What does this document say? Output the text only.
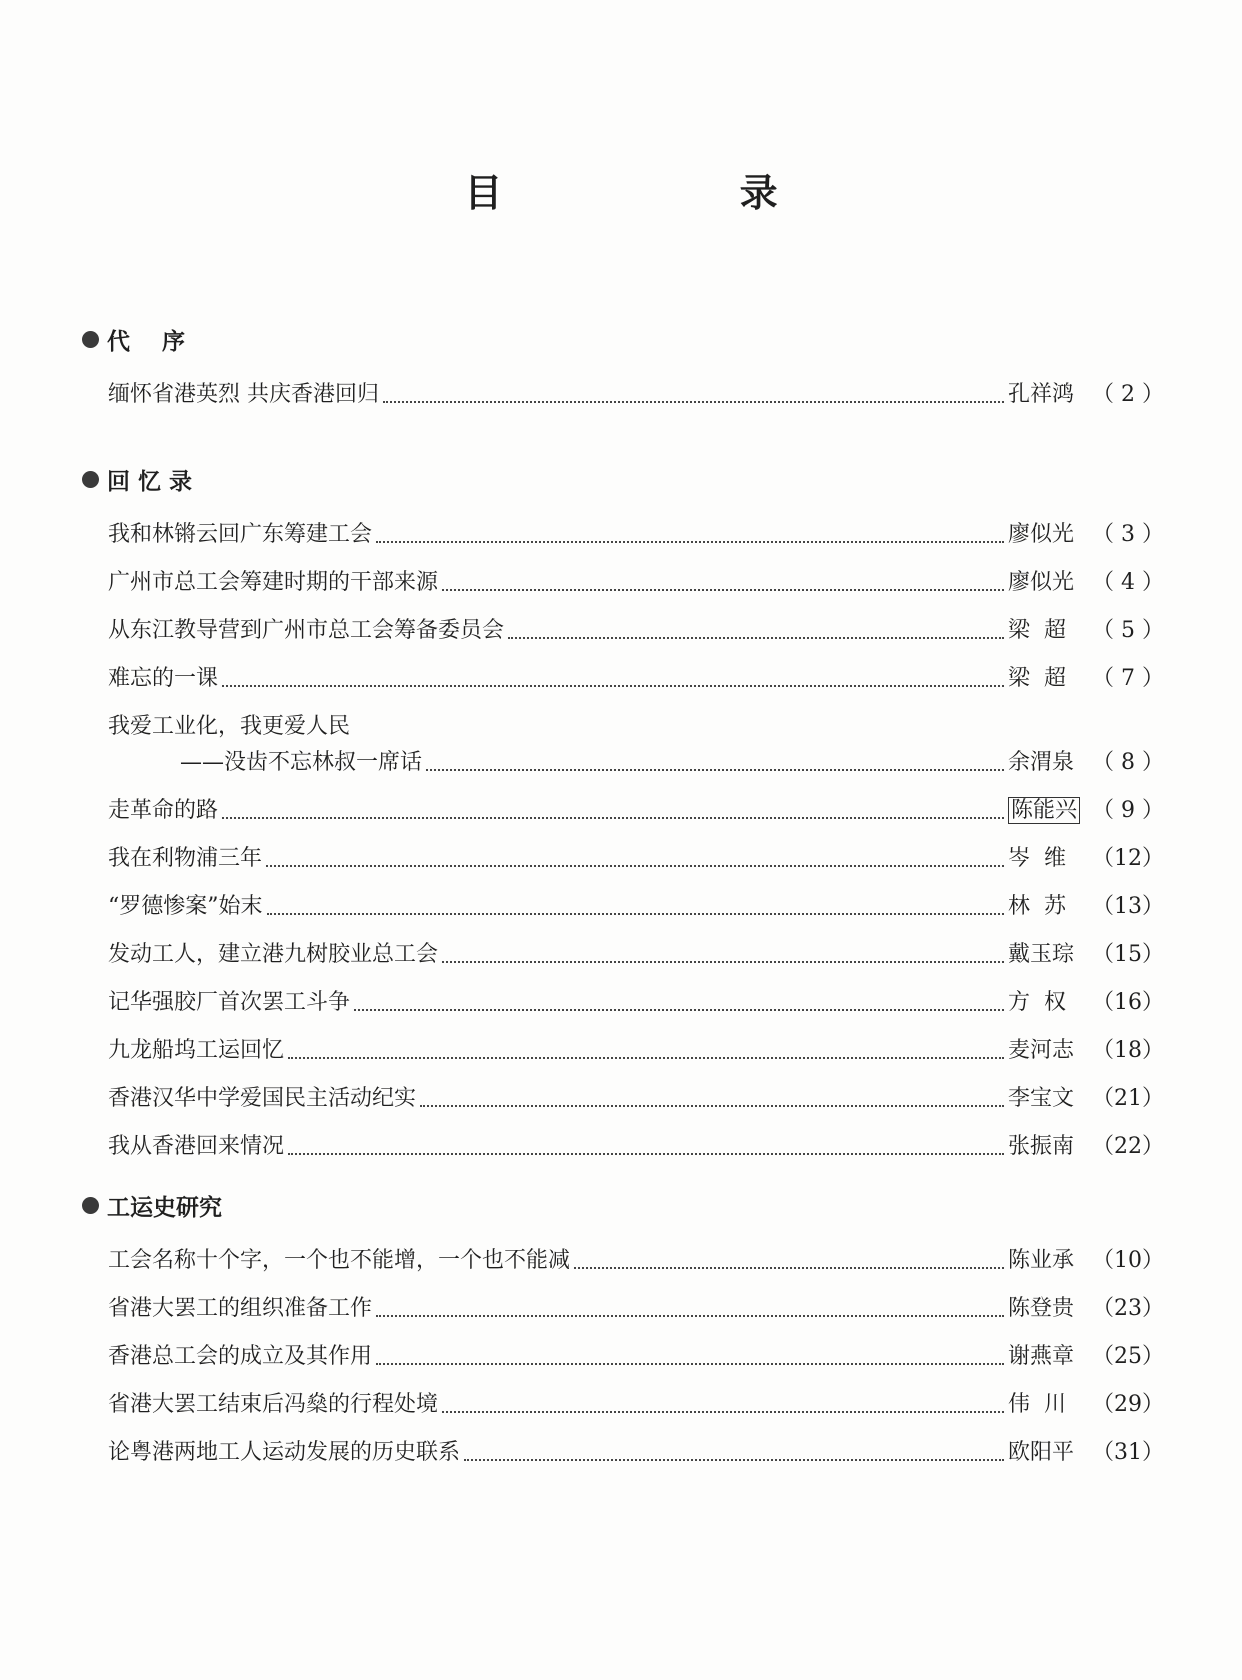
目 录
代    序
缅怀省港英烈 共庆香港回归	孔祥鸿 （ 2 ）
回 忆 录
我和林锵云回广东筹建工会	廖似光 （ 3 ）
广州市总工会筹建时期的干部来源	廖似光 （ 4 ）
从东江教导营到广州市总工会筹备委员会	梁  超	（ 5 ）
难忘的一课	梁  超	（ 7 ）
我爱工业化，我更爱人民
——没齿不忘林叔一席话	余渭泉 （ 8 ）
走革命的路	陈能兴 （ 9 ）
我在利物浦三年	岑  维	（12）
“罗德惨案”始末	林  苏	（13）
发动工人，建立港九树胶业总工会	戴玉琮 （15）
记华强胶厂首次罢工斗争	方  权	（16）
九龙船坞工运回忆	麦河志 （18）
香港汉华中学爱国民主活动纪实	李宝文 （21）
我从香港回来情况	张振南 （22）
工运史研究
工会名称十个字，一个也不能增，一个也不能减	陈业承 （10）
省港大罢工的组织准备工作	陈登贵 （23）
香港总工会的成立及其作用	谢燕章 （25）
省港大罢工结束后冯燊的行程处境	伟  川	（29）
论粤港两地工人运动发展的历史联系	欧阳平 （31）
